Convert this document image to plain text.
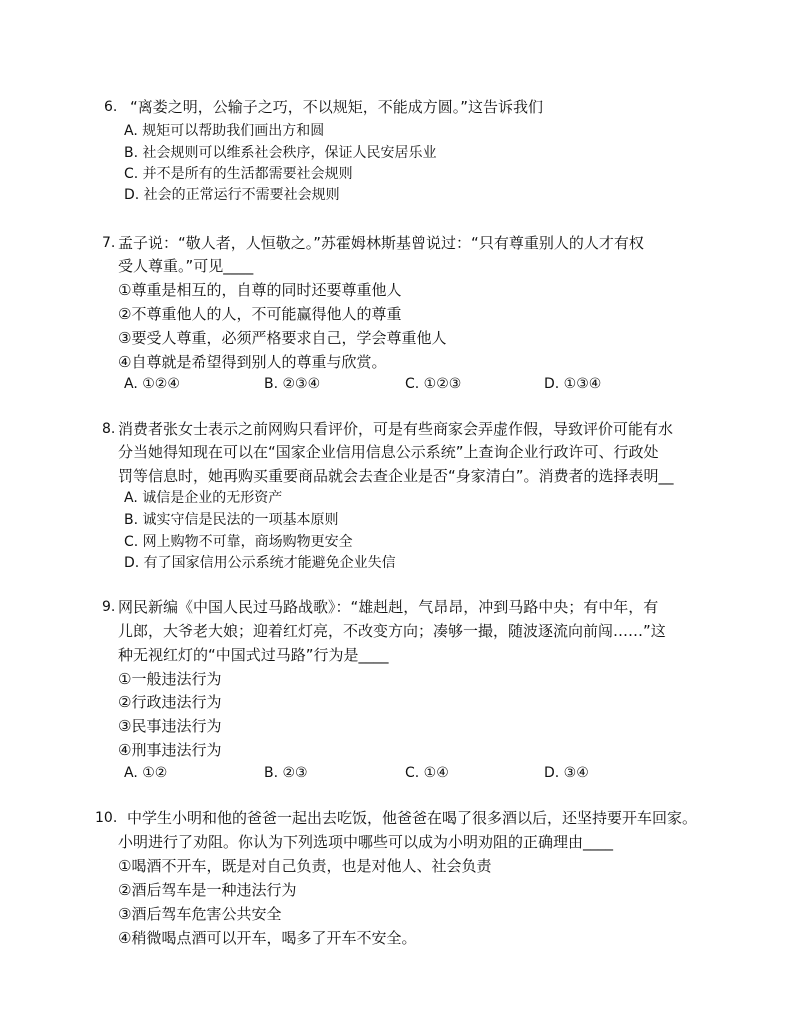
6. “离娄之明，公输子之巧，不以规矩，不能成方圆。”这告诉我们
A. 规矩可以帮助我们画出方和圆
B. 社会规则可以维系社会秩序，保证人民安居乐业
C. 并不是所有的生活都需要社会规则
D. 社会的正常运行不需要社会规则
7. 孟子说：“敬人者，人恒敬之。”苏霍姆林斯基曾说过：“只有尊重别人的人才有权
受人尊重。”可见____
①尊重是相互的，自尊的同时还要尊重他人
②不尊重他人的人，不可能赢得他人的尊重
③要受人尊重，必须严格要求自己，学会尊重他人
④自尊就是希望得到别人的尊重与欣赏。
A. ①②④	B. ②③④	C. ①②③	D. ①③④
8. 消费者张女士表示之前网购只看评价，可是有些商家会弄虚作假，导致评价可能有水
分当她得知现在可以在“国家企业信用信息公示系统”上查询企业行政许可、行政处
罚等信息时，她再购买重要商品就会去查企业是否“身家清白”。消费者的选择表明__
A. 诚信是企业的无形资产
B. 诚实守信是民法的一项基本原则
C. 网上购物不可靠，商场购物更安全
D. 有了国家信用公示系统才能避免企业失信
9. 网民新编《中国人民过马路战歌》：“雄赳赳，气昂昂，冲到马路中央；有中年，有
儿郎，大爷老大娘；迎着红灯亮，不改变方向；凑够一撮，随波逐流向前闯……”这
种无视红灯的“中国式过马路”行为是____
①一般违法行为
②行政违法行为
③民事违法行为
④刑事违法行为
A. ①②	B. ②③	C. ①④	D. ③④
10. 中学生小明和他的爸爸一起出去吃饭，他爸爸在喝了很多酒以后，还坚持要开车回家。
小明进行了劝阻。你认为下列选项中哪些可以成为小明劝阻的正确理由____
①喝酒不开车，既是对自己负责，也是对他人、社会负责
②酒后驾车是一种违法行为
③酒后驾车危害公共安全
④稍微喝点酒可以开车，喝多了开车不安全。
